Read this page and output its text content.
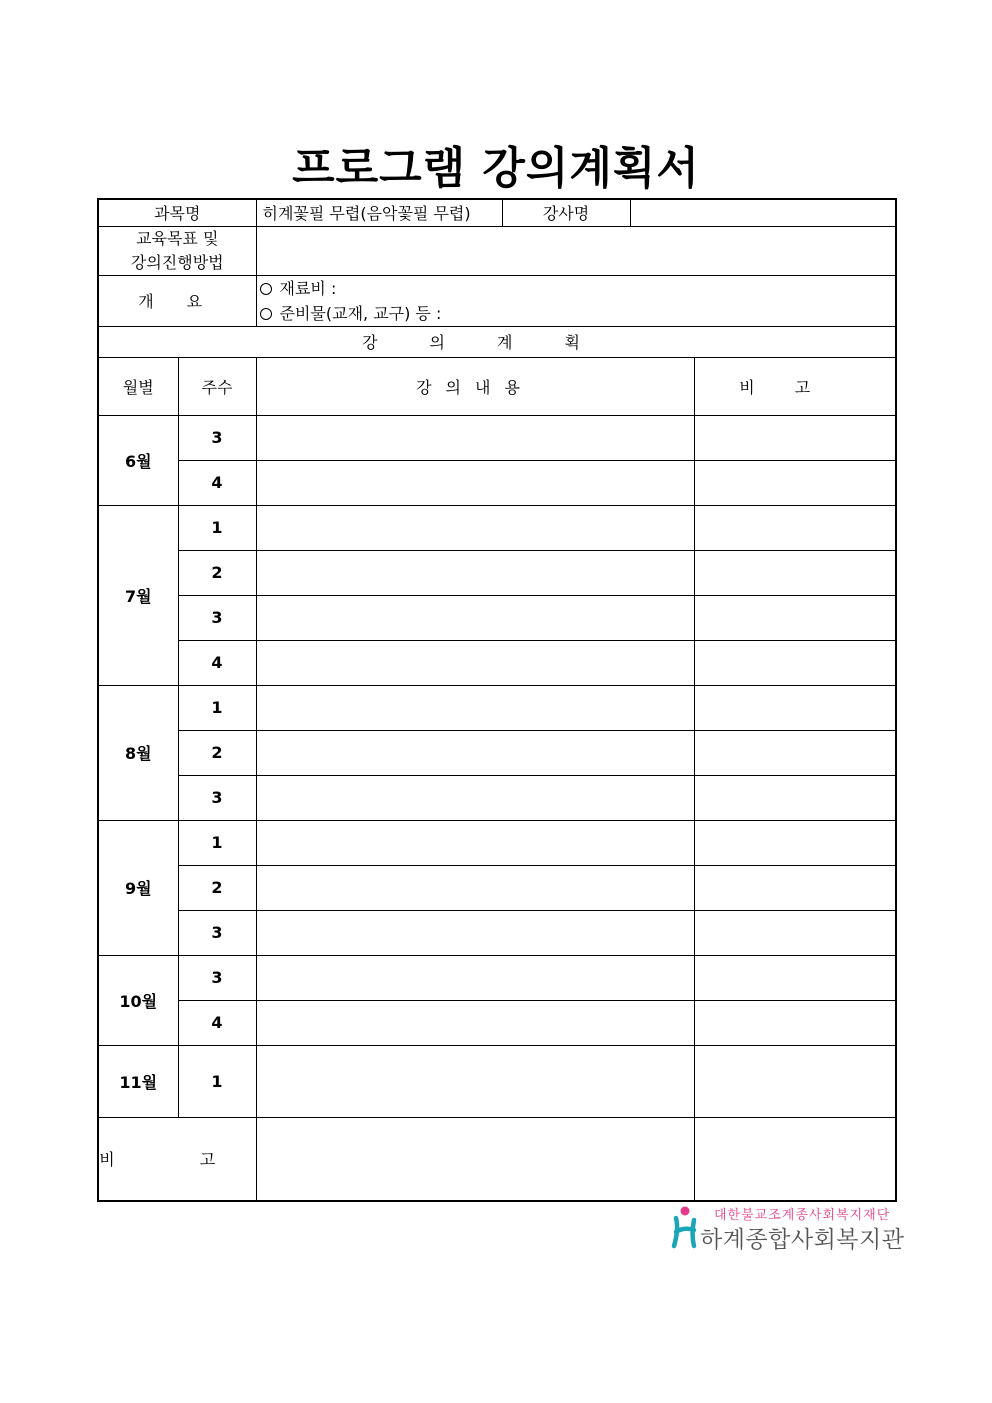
프로그램 강의계획서
과목명		히계꽃필 무렵(음악꽃필 무렵)	강사명		

교육목표 및
강의진행방법					

개 요		재료비 :
준비물(교재, 교구) 등 :			

강의계획					
월별	주수	강의내용			비고
6월	3				
	4				
7월	1				
	2				
	3				
	4				
8월	1				
	2				
	3				
9월	1				
	2				
	3				
10월	3				
	4				
11월	1				
비 고					
대한불교조계종사회복지재단
하계종합사회복지관
